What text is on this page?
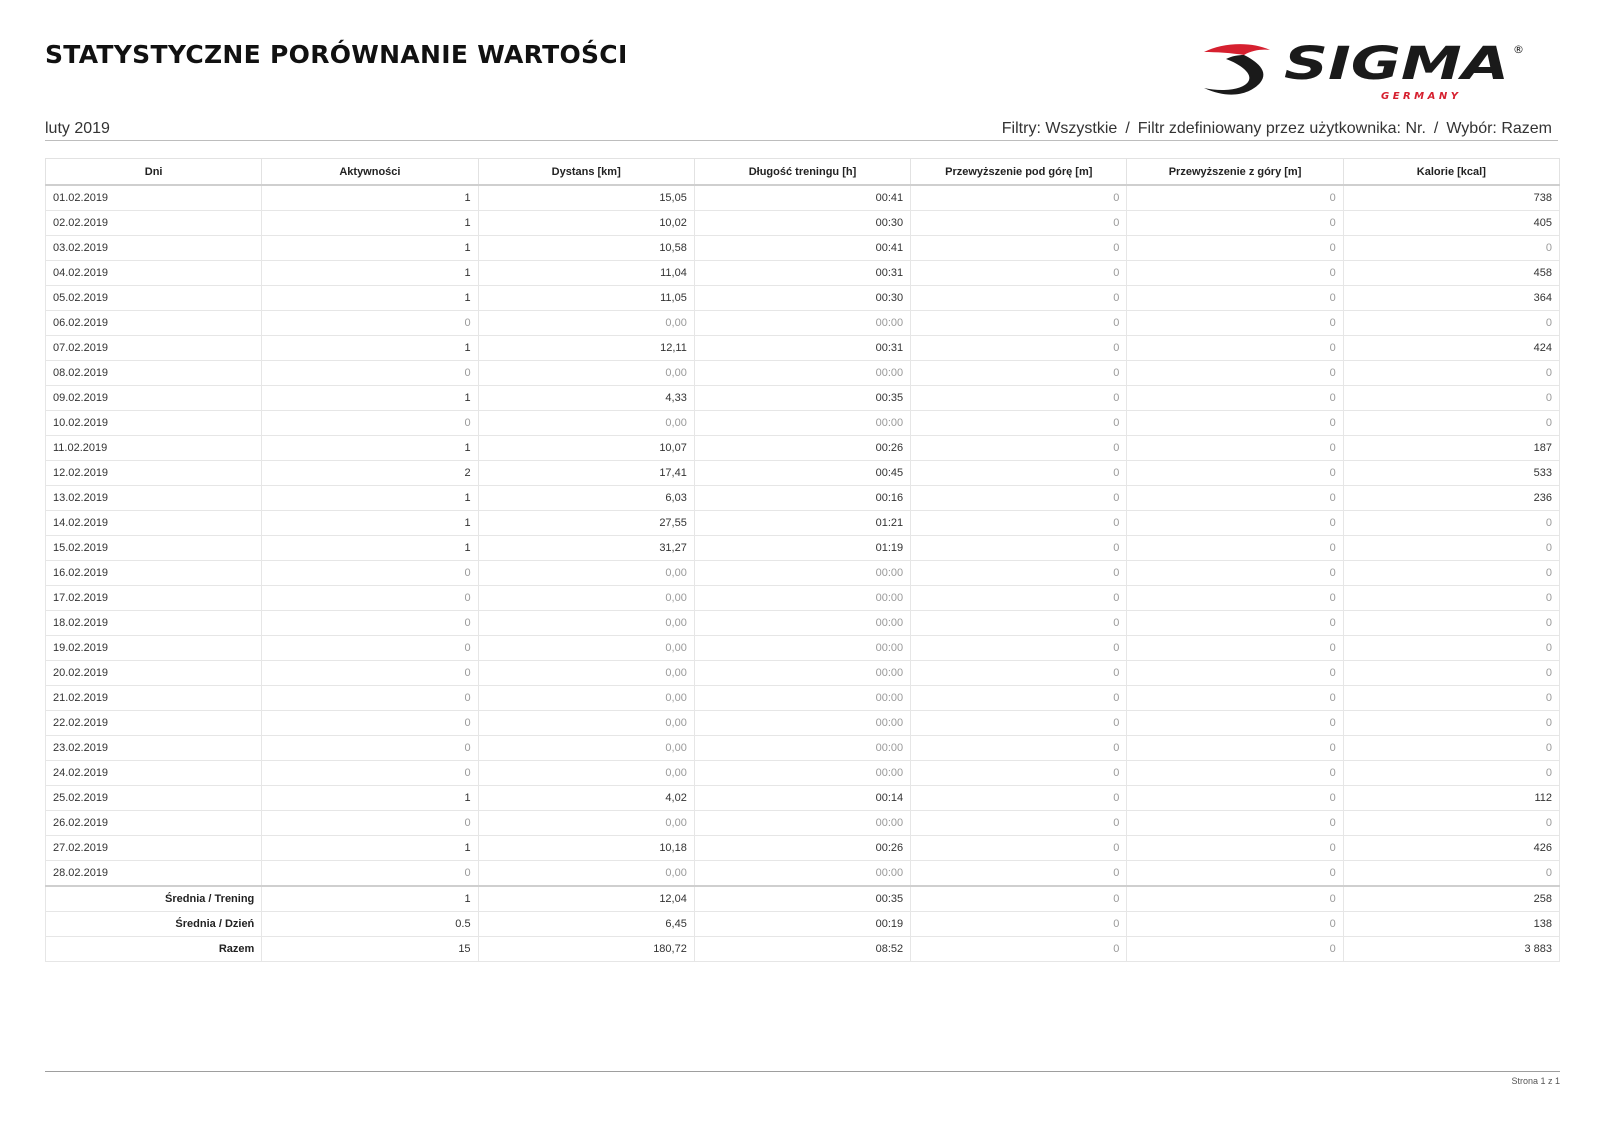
STATYSTYCZNE PORÓWNANIE WARTOŚCI	SIGMA ®
G E R M A N Y
luty 2019	Filtry: Wszystkie / Filtr zdefiniowany przez użytkownika: Nr. / Wybór: Razem
Dni	Aktywności	Dystans [km]	Długość treningu [h]	Przewyższenie pod górę [m]	Przewyższenie z góry [m]	Kalorie [kcal]
01.02.2019	1	15,05	00:41	0	0	738
02.02.2019	1	10,02	00:30	0	0	405
03.02.2019	1	10,58	00:41	0	0	0
04.02.2019	1	11,04	00:31	0	0	458
05.02.2019	1	11,05	00:30	0	0	364
06.02.2019	0	0,00	00:00	0	0	0
07.02.2019	1	12,11	00:31	0	0	424
08.02.2019	0	0,00	00:00	0	0	0
09.02.2019	1	4,33	00:35	0	0	0
10.02.2019	0	0,00	00:00	0	0	0
11.02.2019	1	10,07	00:26	0	0	187
12.02.2019	2	17,41	00:45	0	0	533
13.02.2019	1	6,03	00:16	0	0	236
14.02.2019	1	27,55	01:21	0	0	0
15.02.2019	1	31,27	01:19	0	0	0
16.02.2019	0	0,00	00:00	0	0	0
17.02.2019	0	0,00	00:00	0	0	0
18.02.2019	0	0,00	00:00	0	0	0
19.02.2019	0	0,00	00:00	0	0	0
20.02.2019	0	0,00	00:00	0	0	0
21.02.2019	0	0,00	00:00	0	0	0
22.02.2019	0	0,00	00:00	0	0	0
23.02.2019	0	0,00	00:00	0	0	0
24.02.2019	0	0,00	00:00	0	0	0
25.02.2019	1	4,02	00:14	0	0	112
26.02.2019	0	0,00	00:00	0	0	0
27.02.2019	1	10,18	00:26	0	0	426
28.02.2019	0	0,00	00:00	0	0	0
Średnia / Trening	1	12,04	00:35	0	0	258
Średnia / Dzień	0.5	6,45	00:19	0	0	138
Razem	15	180,72	08:52	0	0	3 883
Strona 1 z 1
